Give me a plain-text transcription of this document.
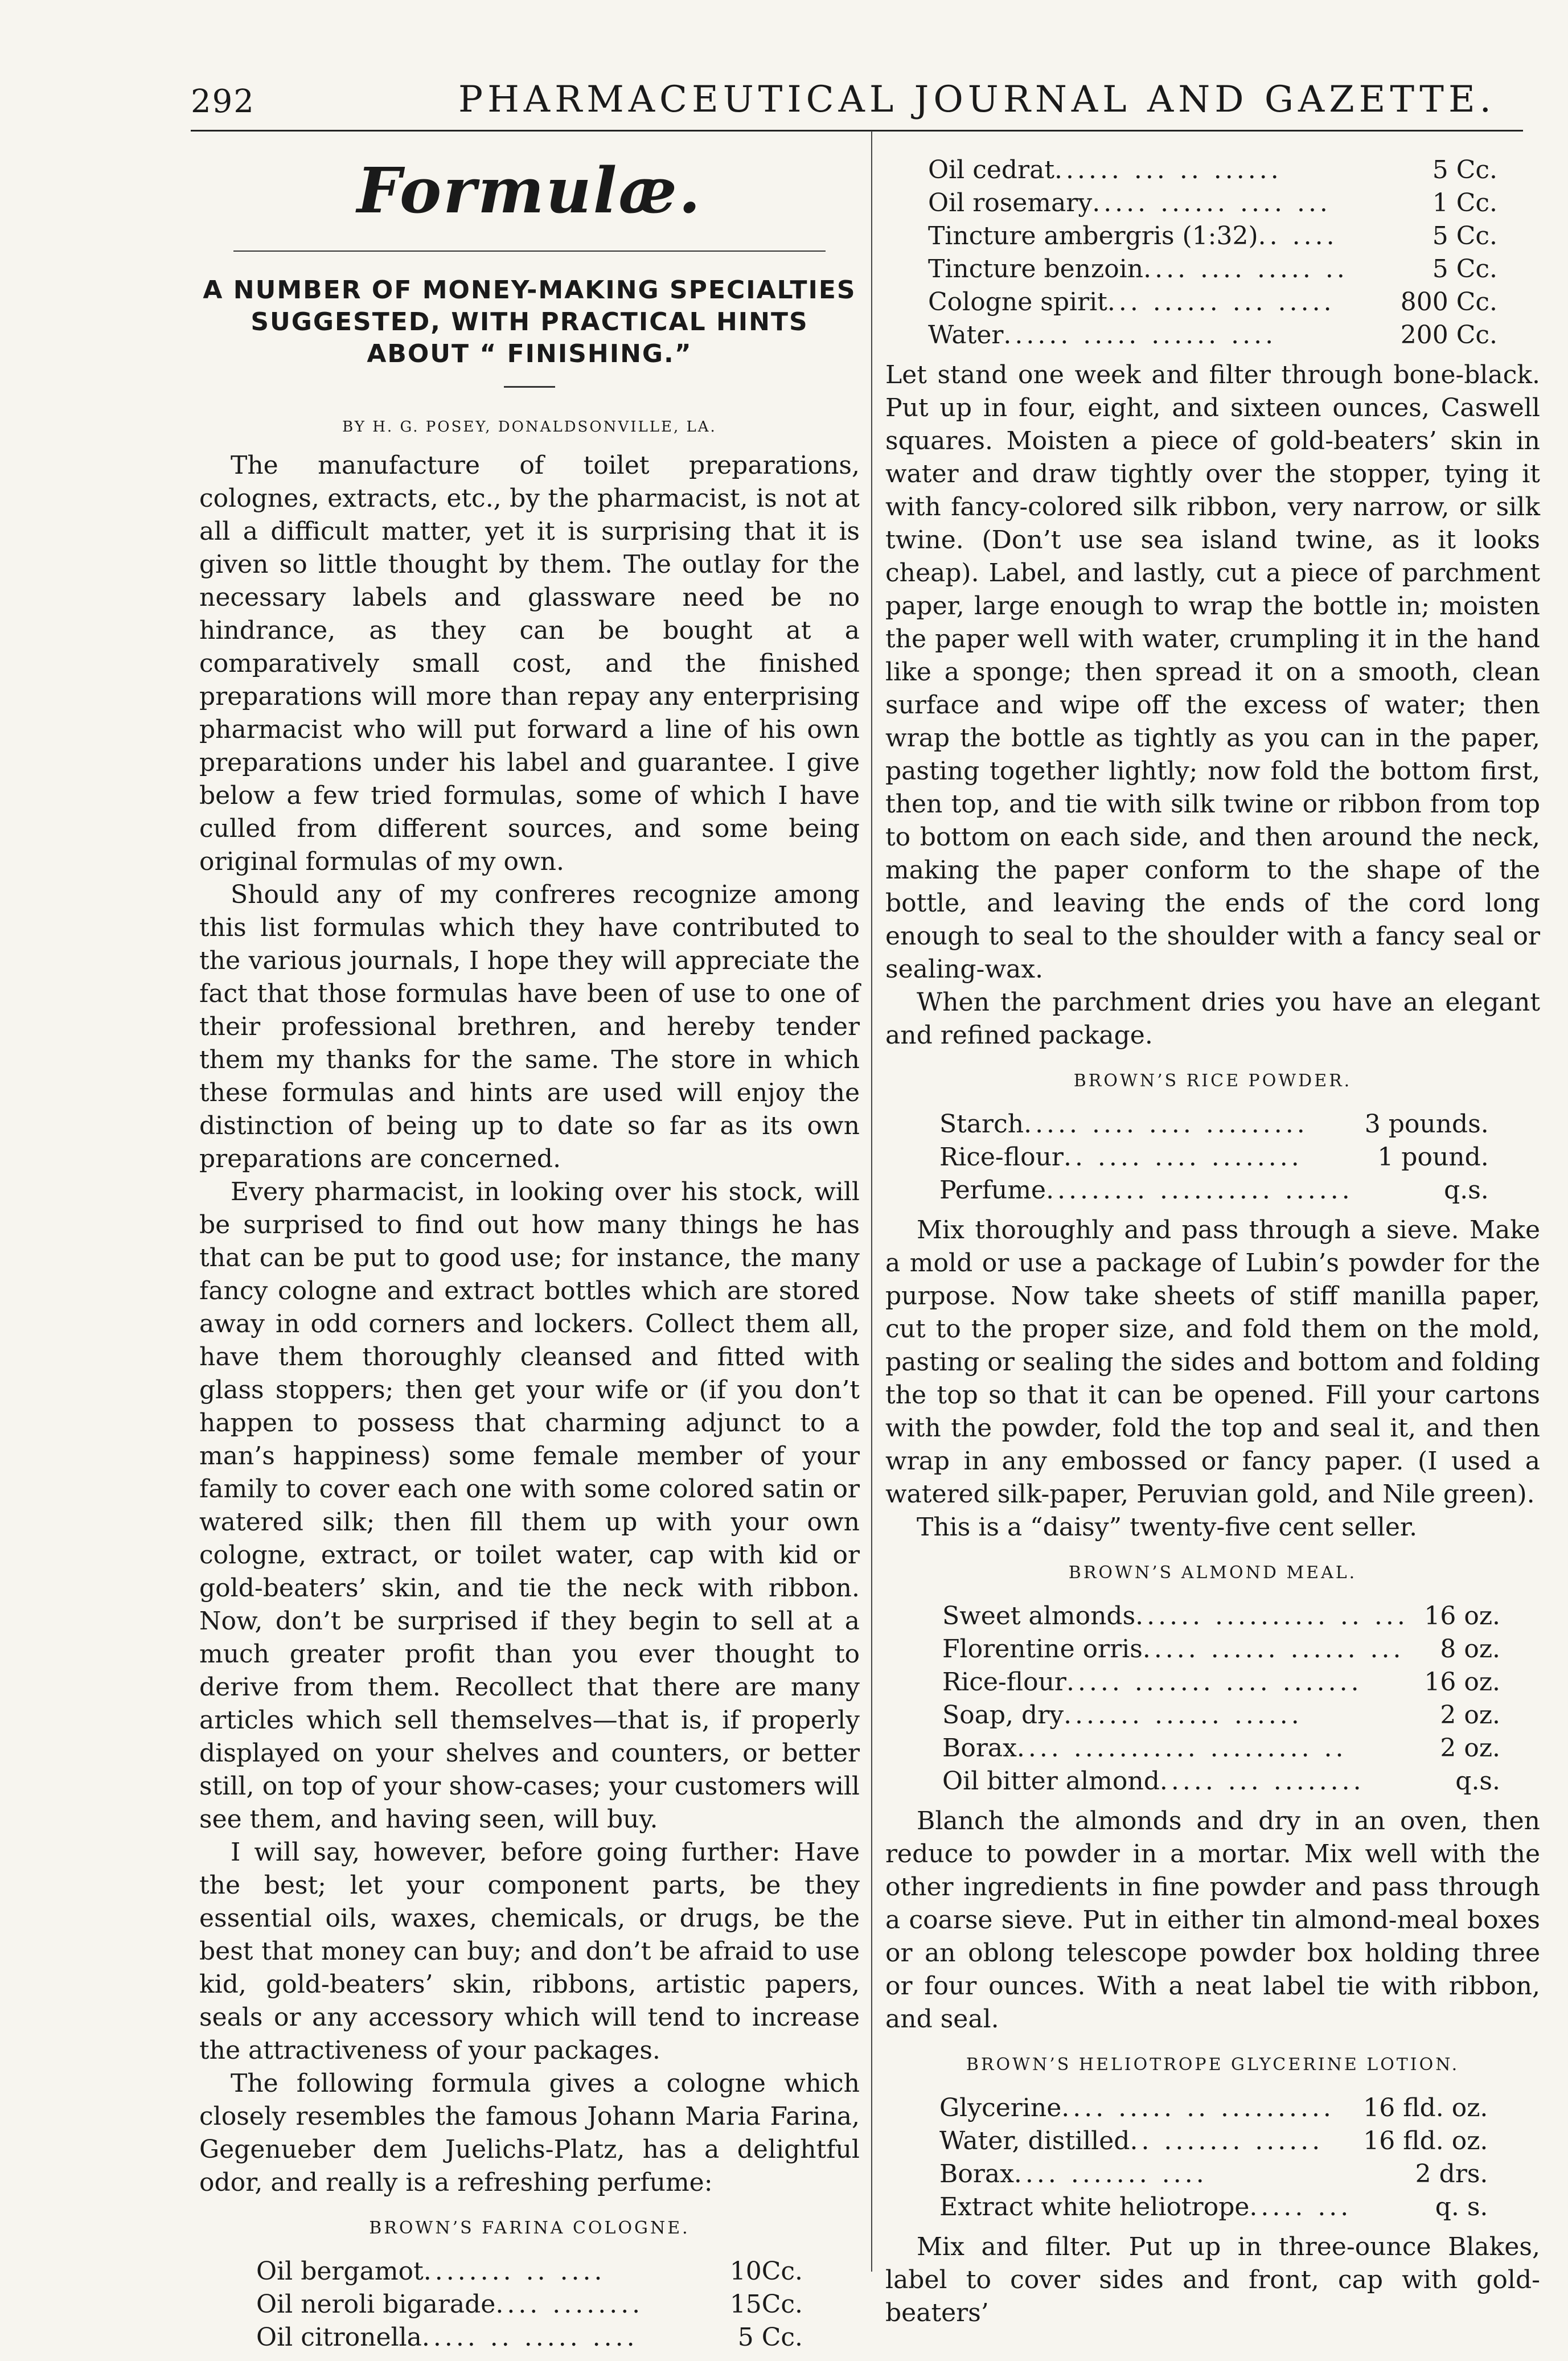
292	PHARMACEUTICAL JOURNAL AND GAZETTE.
Formulæ.
A NUMBER OF MONEY-MAKING SPECIALTIES SUGGESTED, WITH PRACTICAL HINTS ABOUT “ FINISHING.”
BY H. G. POSEY, DONALDSONVILLE, LA.

The manufacture of toilet preparations, colognes, extracts, etc., by the pharmacist, is not at all a difficult matter, yet it is surprising that it is given so little thought by them. The outlay for the necessary labels and glassware need be no hindrance, as they can be bought at a comparatively small cost, and the finished preparations will more than repay any enterprising pharmacist who will put forward a line of his own preparations under his label and guarantee. I give below a few tried formulas, some of which I have culled from different sources, and some being original formulas of my own.

Should any of my confreres recognize among this list formulas which they have contributed to the various journals, I hope they will appreciate the fact that those formulas have been of use to one of their professional brethren, and hereby tender them my thanks for the same. The store in which these formulas and hints are used will enjoy the distinction of being up to date so far as its own preparations are concerned.

Every pharmacist, in looking over his stock, will be surprised to find out how many things he has that can be put to good use; for instance, the many fancy cologne and extract bottles which are stored away in odd corners and lockers. Collect them all, have them thoroughly cleansed and fitted with glass stoppers; then get your wife or (if you don’t happen to possess that charming adjunct to a man’s happiness) some female member of your family to cover each one with some colored satin or watered silk; then fill them up with your own cologne, extract, or toilet water, cap with kid or gold-beaters’ skin, and tie the neck with ribbon. Now, don’t be surprised if they begin to sell at a much greater profit than you ever thought to derive from them. Recollect that there are many articles which sell themselves—that is, if properly displayed on your shelves and counters, or better still, on top of your show-cases; your customers will see them, and having seen, will buy.

I will say, however, before going further: Have the best; let your component parts, be they essential oils, waxes, chemicals, or drugs, be the best that money can buy; and don’t be afraid to use kid, gold-beaters’ skin, ribbons, artistic papers, seals or any accessory which will tend to increase the attractiveness of your packages.

The following formula gives a cologne which closely resembles the famous Johann Maria Farina, Gegenueber dem Juelichs-Platz, has a delightful odor, and really is a refreshing perfume:

BROWN’S FARINA COLOGNE.
Oil bergamot........ .. ....	10Cc.
Oil neroli bigarade.... ........	15Cc.
Oil citronella..... .. ..... ....	5 Cc.
Oil cedrat...... ... .. ......	5 Cc.
Oil rosemary..... ...... .... ...	1 Cc.
Tincture ambergris (1:32).. ....	5 Cc.
Tincture benzoin.... .... ..... ..	5 Cc.
Cologne spirit... ...... ... .....	800 Cc.
Water...... ..... ...... ....	200 Cc.

Let stand one week and filter through bone-black. Put up in four, eight, and sixteen ounces, Caswell squares. Moisten a piece of gold-beaters’ skin in water and draw tightly over the stopper, tying it with fancy-colored silk ribbon, very narrow, or silk twine. (Don’t use sea island twine, as it looks cheap). Label, and lastly, cut a piece of parchment paper, large enough to wrap the bottle in; moisten the paper well with water, crumpling it in the hand like a sponge; then spread it on a smooth, clean surface and wipe off the excess of water; then wrap the bottle as tightly as you can in the paper, pasting together lightly; now fold the bottom first, then top, and tie with silk twine or ribbon from top to bottom on each side, and then around the neck, making the paper conform to the shape of the bottle, and leaving the ends of the cord long enough to seal to the shoulder with a fancy seal or sealing-wax.

When the parchment dries you have an elegant and refined package.

BROWN’S RICE POWDER.
Starch..... .... .... .........	3 pounds.
Rice-flour.. .... .... ........	1 pound.
Perfume......... .......... ......	q.s.

Mix thoroughly and pass through a sieve. Make a mold or use a package of Lubin’s powder for the purpose. Now take sheets of stiff manilla paper, cut to the proper size, and fold them on the mold, pasting or sealing the sides and bottom and folding the top so that it can be opened. Fill your cartons with the powder, fold the top and seal it, and then wrap in any embossed or fancy paper. (I used a watered silk-paper, Peruvian gold, and Nile green).

This is a “daisy” twenty-five cent seller.

BROWN’S ALMOND MEAL.
Sweet almonds...... .......... .. ...	16 oz.
Florentine orris..... ...... ...... ...	8 oz.
Rice-flour..... ....... .... .......	16 oz.
Soap, dry....... ...... ......	2 oz.
Borax.... ........... ......... ..	2 oz.
Oil bitter almond..... ... ........	q.s.

Blanch the almonds and dry in an oven, then reduce to powder in a mortar. Mix well with the other ingredients in fine powder and pass through a coarse sieve. Put in either tin almond-meal boxes or an oblong telescope powder box holding three or four ounces. With a neat label tie with ribbon, and seal.

BROWN’S HELIOTROPE GLYCERINE LOTION.
Glycerine.... ..... .. ..........	16 fld. oz.
Water, distilled.. ....... ......	16 fld. oz.
Borax.... ....... ....	2 drs.
Extract white heliotrope..... ...	q. s.

Mix and filter. Put up in three-ounce Blakes, label to cover sides and front, cap with gold-beaters’
